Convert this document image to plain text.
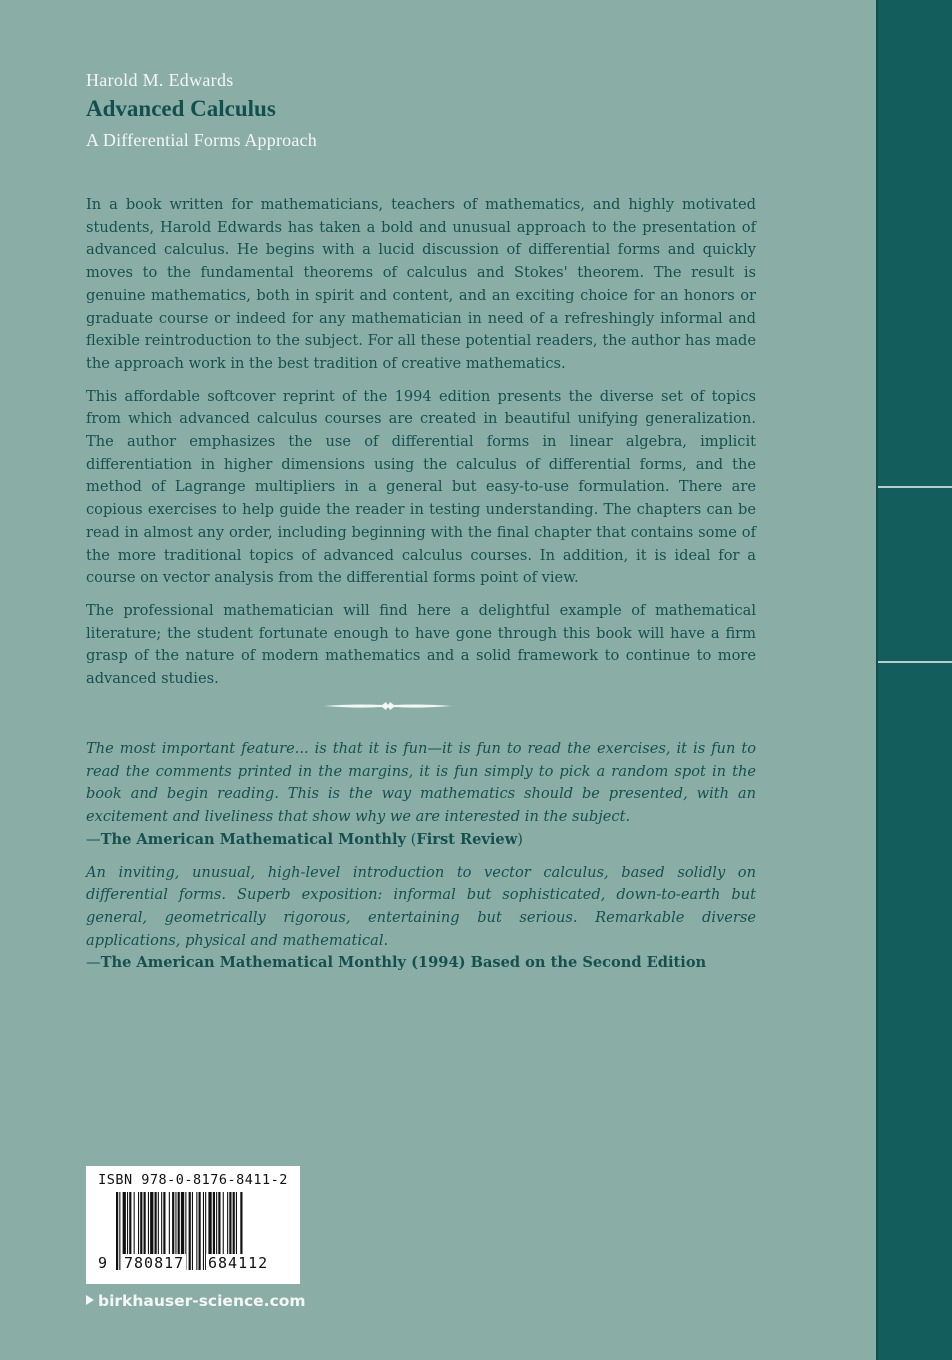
Harold M. Edwards
Advanced Calculus
A Differential Forms Approach

In a book written for mathematicians, teachers of mathematics, and highly motivated students, Harold Edwards has taken a bold and unusual approach to the presentation of advanced calculus. He begins with a lucid discussion of differential forms and quickly moves to the fundamental theorems of calculus and Stokes' theorem. The result is genuine mathematics, both in spirit and content, and an exciting choice for an honors or graduate course or indeed for any mathematician in need of a refreshingly informal and flexible reintroduction to the subject. For all these potential readers, the author has made the approach work in the best tradition of creative mathematics.

This affordable softcover reprint of the 1994 edition presents the diverse set of topics from which advanced calculus courses are created in beautiful unifying generalization. The author emphasizes the use of differential forms in linear algebra, implicit differentiation in higher dimensions using the calculus of differential forms, and the method of Lagrange multipliers in a general but easy-to-use formulation. There are copious exercises to help guide the reader in testing understanding. The chapters can be read in almost any order, including beginning with the final chapter that contains some of the more traditional topics of advanced calculus courses. In addition, it is ideal for a course on vector analysis from the differential forms point of view.

The professional mathematician will find here a delightful example of mathematical literature; the student fortunate enough to have gone through this book will have a firm grasp of the nature of modern mathematics and a solid framework to continue to more advanced studies.

The most important feature... is that it is fun—it is fun to read the exercises, it is fun to read the comments printed in the margins, it is fun simply to pick a random spot in the book and begin reading. This is the way mathematics should be presented, with an excitement and liveliness that show why we are interested in the subject.
—The American Mathematical Monthly (First Review)
An inviting, unusual, high-level introduction to vector calculus, based solidly on differential forms. Superb exposition: informal but sophisticated, down-to-earth but general, geometrically rigorous, entertaining but serious. Remarkable diverse applications, physical and mathematical.
—The American Mathematical Monthly (1994) Based on the Second Edition
ISBN 978-0-8176-8411-2
9 780817 684112
birkhauser-science.com
